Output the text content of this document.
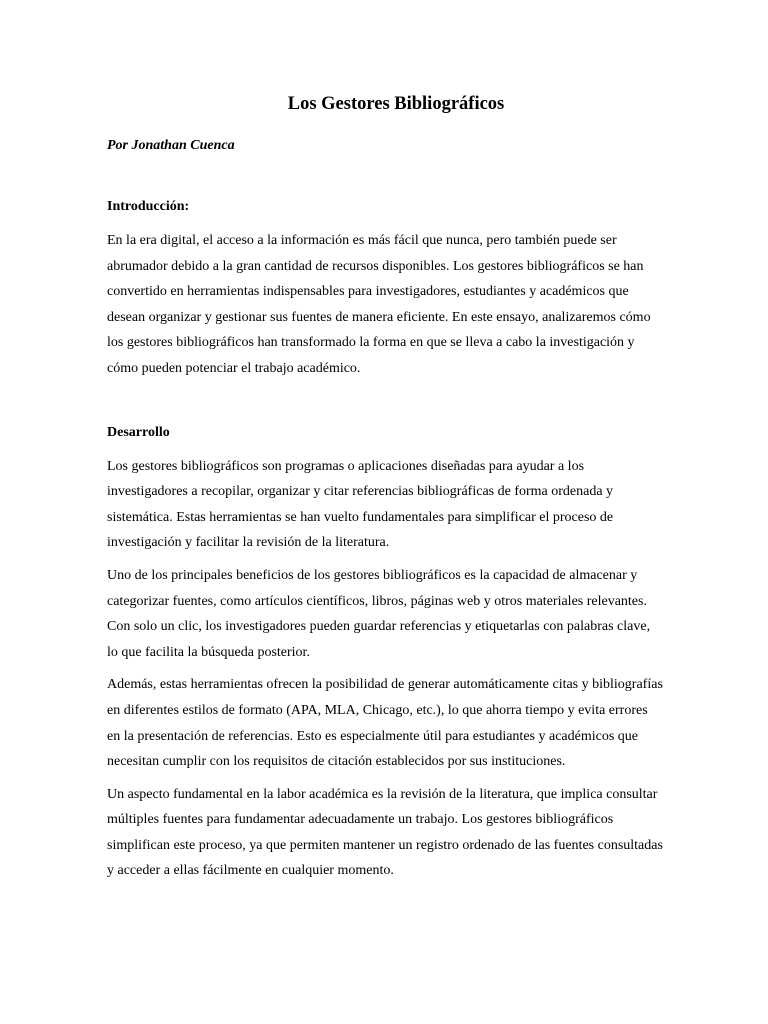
Los Gestores Bibliográficos

Por Jonathan Cuenca

Introducción:

En la era digital, el acceso a la información es más fácil que nunca, pero también puede ser abrumador debido a la gran cantidad de recursos disponibles. Los gestores bibliográficos se han convertido en herramientas indispensables para investigadores, estudiantes y académicos que desean organizar y gestionar sus fuentes de manera eficiente. En este ensayo, analizaremos cómo los gestores bibliográficos han transformado la forma en que se lleva a cabo la investigación y cómo pueden potenciar el trabajo académico.

Desarrollo

Los gestores bibliográficos son programas o aplicaciones diseñadas para ayudar a los investigadores a recopilar, organizar y citar referencias bibliográficas de forma ordenada y sistemática. Estas herramientas se han vuelto fundamentales para simplificar el proceso de investigación y facilitar la revisión de la literatura.

Uno de los principales beneficios de los gestores bibliográficos es la capacidad de almacenar y categorizar fuentes, como artículos científicos, libros, páginas web y otros materiales relevantes. Con solo un clic, los investigadores pueden guardar referencias y etiquetarlas con palabras clave, lo que facilita la búsqueda posterior.

Además, estas herramientas ofrecen la posibilidad de generar automáticamente citas y bibliografías en diferentes estilos de formato (APA, MLA, Chicago, etc.), lo que ahorra tiempo y evita errores en la presentación de referencias. Esto es especialmente útil para estudiantes y académicos que necesitan cumplir con los requisitos de citación establecidos por sus instituciones.

Un aspecto fundamental en la labor académica es la revisión de la literatura, que implica consultar múltiples fuentes para fundamentar adecuadamente un trabajo. Los gestores bibliográficos simplifican este proceso, ya que permiten mantener un registro ordenado de las fuentes consultadas y acceder a ellas fácilmente en cualquier momento.
